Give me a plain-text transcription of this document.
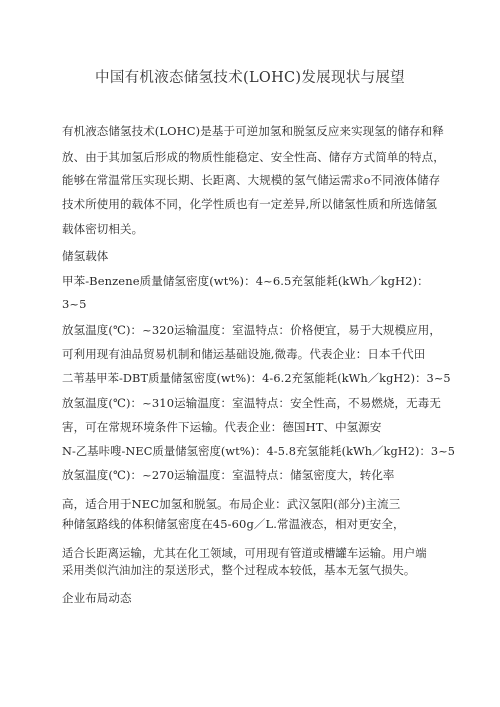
中国有机液态储氢技术(LOHC)发展现状与展望
有机液态储氢技术(LOHC)是基于可逆加氢和脱氢反应来实现氢的储存和释
放、由于其加氢后形成的物质性能稳定、安全性高、储存方式简单的特点，
能够在常温常压实现长期、长距离、大规模的氢气储运需求o不同液体储存
技术所使用的载体不同，化学性质也有一定差异,所以储氢性质和所选储氢
载体密切相关。
储氢载体
甲苯-Benzene质量储氢密度(wt%)：4~6.5充氢能耗(kWh／kgH2)：
3~5
放氢温度(℃)：~320运输温度：室温特点：价格便宜，易于大规模应用，
可利用现有油品贸易机制和储运基础设施,微毒。代表企业：日本千代田
二苇基甲苯-DBT质量储氢密度(wt%)：4-6.2充氢能耗(kWh／kgH2)：3~5
放氢温度(℃)：~310运输温度：室温特点：安全性高，不易燃烧，无毒无
害，可在常规环境条件下运输。代表企业：德国HT、中氢源安
N-乙基咔嗖-NEC质量储氢密度(wt%)：4-5.8充氢能耗(kWh／kgH2)：3~5
放氢温度(℃)：~270运输温度：室温特点：储氢密度大，转化率
高，适合用于NEC加氢和脱氢。布局企业：武汉氢阳(部分)主流三
种储氢路线的体积储氢密度在45-60g／L.常温液态，相对更安全，
适合长距离运输，尤其在化工领域，可用现有管道或槽罐车运输。用户端
采用类似汽油加注的泵送形式，整个过程成本较低，基本无氢气损失。
企业布局动态
